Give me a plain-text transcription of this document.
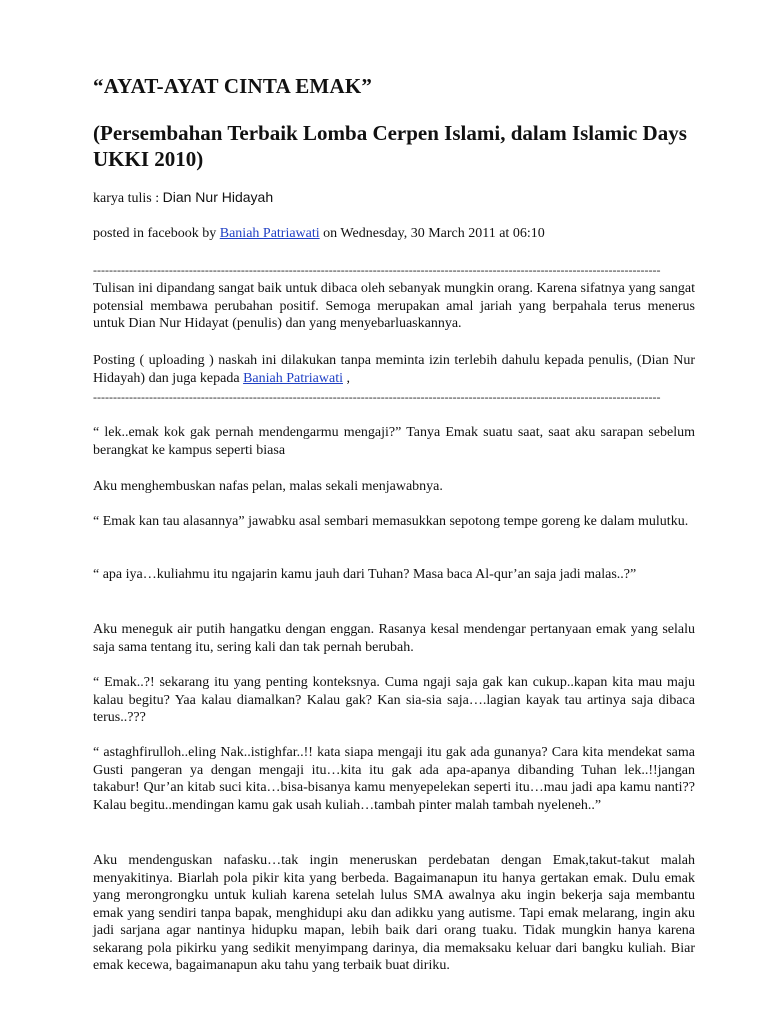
“AYAT-AYAT CINTA EMAK”
(Persembahan Terbaik Lomba Cerpen Islami, dalam Islamic Days UKKI 2010)
karya tulis : Dian Nur Hidayah
posted in facebook by Baniah Patriawati on Wednesday, 30 March 2011 at 06:10
----------------------------------------------------------------------------------------------------------------------------------------------

Tulisan ini dipandang sangat baik untuk dibaca oleh sebanyak mungkin orang. Karena sifatnya yang sangat potensial membawa perubahan positif. Semoga merupakan amal jariah yang berpahala terus menerus untuk Dian Nur Hidayat (penulis) dan yang menyebarluaskannya.

Posting ( uploading ) naskah ini dilakukan tanpa meminta izin terlebih dahulu kepada penulis, (Dian Nur Hidayah) dan juga kepada Baniah Patriawati ,

----------------------------------------------------------------------------------------------------------------------------------------------

“ lek..emak kok gak pernah mendengarmu mengaji?” Tanya Emak suatu saat, saat aku sarapan sebelum berangkat ke kampus seperti biasa

Aku menghembuskan nafas pelan, malas sekali menjawabnya.

“ Emak kan tau alasannya” jawabku asal sembari memasukkan sepotong tempe goreng ke dalam mulutku.

“ apa iya…kuliahmu itu ngajarin kamu jauh dari Tuhan? Masa baca Al-qur’an saja jadi malas..?”

Aku meneguk air putih hangatku dengan enggan. Rasanya kesal mendengar pertanyaan emak yang selalu saja sama tentang itu, sering kali dan tak pernah berubah.

“ Emak..?! sekarang itu yang penting konteksnya. Cuma ngaji saja gak kan cukup..kapan kita mau maju kalau begitu? Yaa kalau diamalkan? Kalau gak? Kan sia-sia saja….lagian kayak tau artinya saja dibaca terus..???

“ astaghfirulloh..eling Nak..istighfar..!! kata siapa mengaji itu gak ada gunanya? Cara kita mendekat sama Gusti pangeran ya dengan mengaji itu…kita itu gak ada apa-apanya dibanding Tuhan lek..!!jangan takabur! Qur’an kitab suci kita…bisa-bisanya kamu menyepelekan seperti itu…mau jadi apa kamu nanti?? Kalau begitu..mendingan kamu gak usah kuliah…tambah pinter malah tambah nyeleneh..”

Aku mendenguskan nafasku…tak ingin meneruskan perdebatan dengan Emak,takut-takut malah menyakitinya. Biarlah pola pikir kita yang berbeda. Bagaimanapun itu hanya gertakan emak. Dulu emak yang merongrongku untuk kuliah karena setelah lulus SMA awalnya aku ingin bekerja saja membantu emak yang sendiri tanpa bapak, menghidupi aku dan adikku yang autisme. Tapi emak melarang, ingin aku jadi sarjana agar nantinya hidupku mapan, lebih baik dari orang tuaku. Tidak mungkin hanya karena sekarang pola pikirku yang sedikit menyimpang darinya, dia memaksaku keluar dari bangku kuliah. Biar emak kecewa, bagaimanapun aku tahu yang terbaik buat diriku.
